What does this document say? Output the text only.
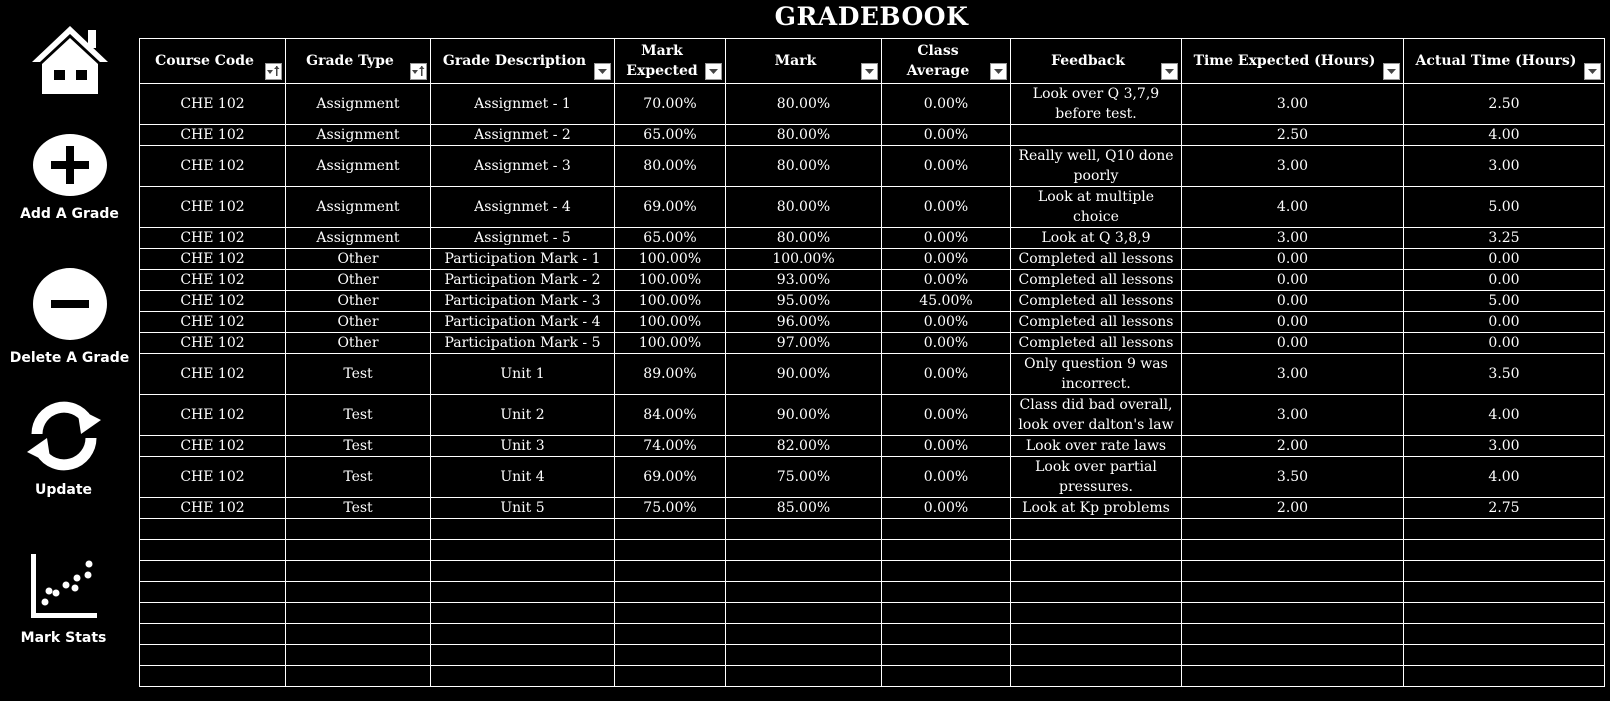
Add A Grade
Delete A Grade
Update
Mark Stats
GRADEBOOK
Course Code	Grade Type	Grade Description	Mark Expected	Mark	Class Average	Feedback	Time Expected (Hours)	Actual Time (Hours)

CHE 102	Assignment	Assignmet - 1	70.00%	80.00%	0.00%	Look over Q 3,7,9 before test.	3.00	2.50
CHE 102	Assignment	Assignmet - 2	65.00%	80.00%	0.00%		2.50	4.00
CHE 102	Assignment	Assignmet - 3	80.00%	80.00%	0.00%	Really well, Q10 done poorly	3.00	3.00
CHE 102	Assignment	Assignmet - 4	69.00%	80.00%	0.00%	Look at multiple choice	4.00	5.00
CHE 102	Assignment	Assignmet - 5	65.00%	80.00%	0.00%	Look at Q 3,8,9	3.00	3.25
CHE 102	Other	Participation Mark - 1	100.00%	100.00%	0.00%	Completed all lessons	0.00	0.00
CHE 102	Other	Participation Mark - 2	100.00%	93.00%	0.00%	Completed all lessons	0.00	0.00
CHE 102	Other	Participation Mark - 3	100.00%	95.00%	45.00%	Completed all lessons	0.00	5.00
CHE 102	Other	Participation Mark - 4	100.00%	96.00%	0.00%	Completed all lessons	0.00	0.00
CHE 102	Other	Participation Mark - 5	100.00%	97.00%	0.00%	Completed all lessons	0.00	0.00
CHE 102	Test	Unit 1	89.00%	90.00%	0.00%	Only question 9 was incorrect.	3.00	3.50
CHE 102	Test	Unit 2	84.00%	90.00%	0.00%	Class did bad overall, look over dalton's law	3.00	4.00
CHE 102	Test	Unit 3	74.00%	82.00%	0.00%	Look over rate laws	2.00	3.00
CHE 102	Test	Unit 4	69.00%	75.00%	0.00%	Look over partial pressures.	3.50	4.00
CHE 102	Test	Unit 5	75.00%	85.00%	0.00%	Look at Kp problems	2.00	2.75
